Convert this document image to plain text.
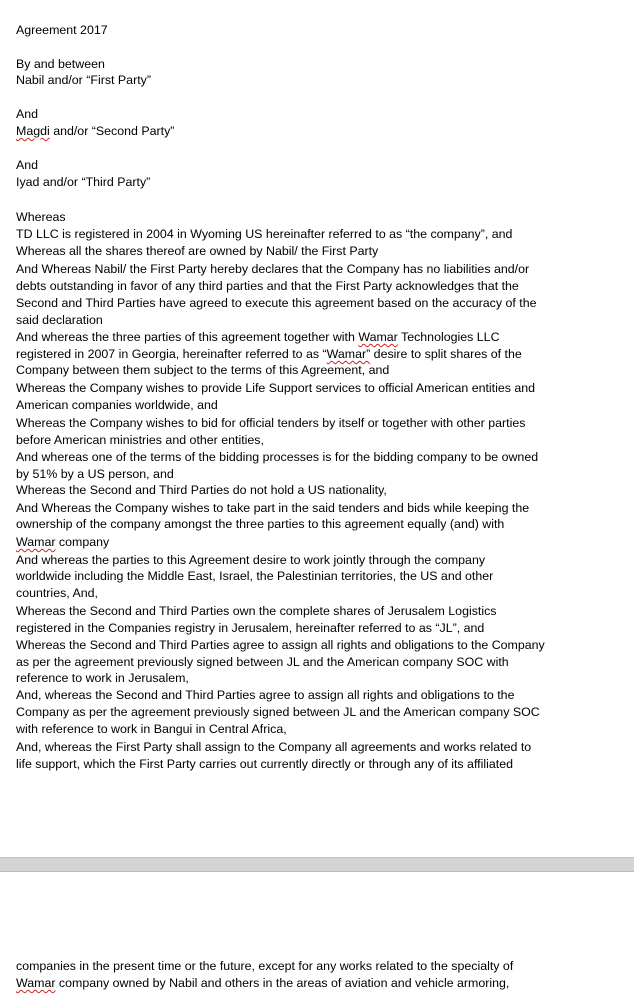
Agreement 2017
By and between
Nabil and/or “First Party”
And
Magdi and/or “Second Party”
And
Iyad and/or “Third Party”
Whereas
TD LLC is registered in 2004 in Wyoming US hereinafter referred to as “the company”, and
Whereas all the shares thereof are owned by Nabil/ the First Party
And Whereas Nabil/ the First Party hereby declares that the Company has no liabilities and/or
debts outstanding in favor of any third parties and that the First Party acknowledges that the
Second and Third Parties have agreed to execute this agreement based on the accuracy of the
said declaration
And whereas the three parties of this agreement together with Wamar Technologies LLC
registered in 2007 in Georgia, hereinafter referred to as “Wamar” desire to split shares of the
Company between them subject to the terms of this Agreement, and
Whereas the Company wishes to provide Life Support services to official American entities and
American companies worldwide, and
Whereas the Company wishes to bid for official tenders by itself or together with other parties
before American ministries and other entities,
And whereas one of the terms of the bidding processes is for the bidding company to be owned
by 51% by a US person, and
Whereas the Second and Third Parties do not hold a US nationality,
And Whereas the Company wishes to take part in the said tenders and bids while keeping the
ownership of the company amongst the three parties to this agreement equally (and) with
Wamar company
And whereas the parties to this Agreement desire to work jointly through the company
worldwide including the Middle East, Israel, the Palestinian territories, the US and other
countries, And,
Whereas the Second and Third Parties own the complete shares of Jerusalem Logistics
registered in the Companies registry in Jerusalem, hereinafter referred to as “JL”, and
Whereas the Second and Third Parties agree to assign all rights and obligations to the Company
as per the agreement previously signed between JL and the American company SOC with
reference to work in Jerusalem,
And, whereas the Second and Third Parties agree to assign all rights and obligations to the
Company as per the agreement previously signed between JL and the American company SOC
with reference to work in Bangui in Central Africa,
And, whereas the First Party shall assign to the Company all agreements and works related to
life support, which the First Party carries out currently directly or through any of its affiliated
companies in the present time or the future, except for any works related to the specialty of
Wamar company owned by Nabil and others in the areas of aviation and vehicle armoring,
